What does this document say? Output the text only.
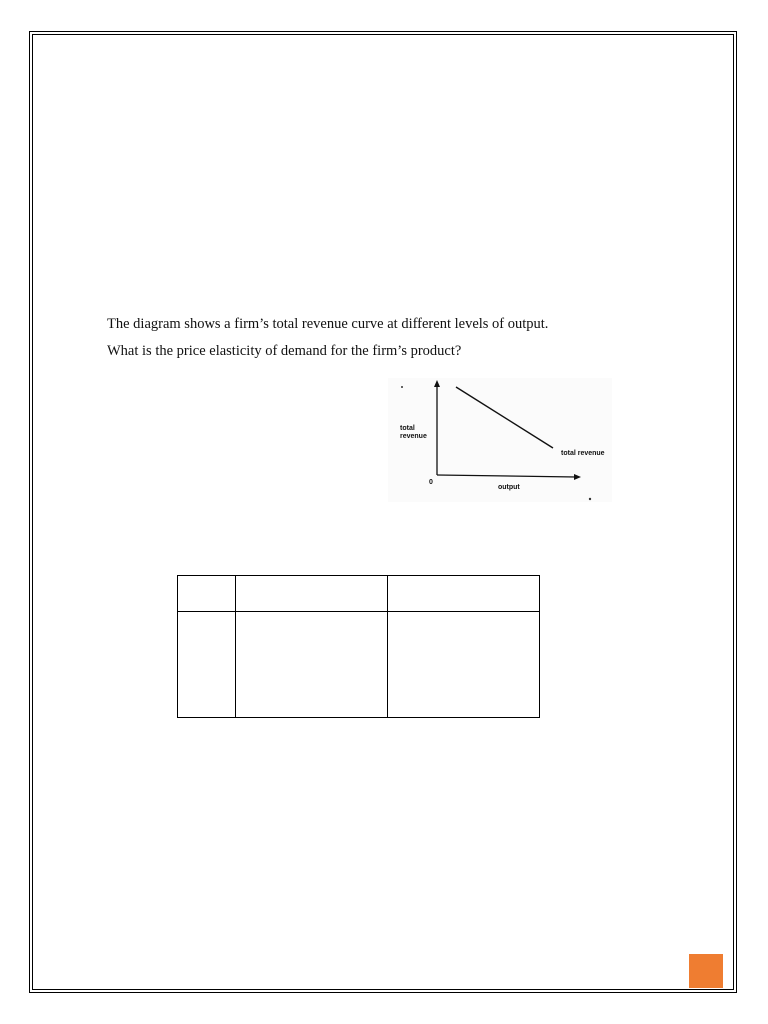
The diagram shows a firm’s total revenue curve at different levels of output.
What is the price elasticity of demand for the firm’s product?
total
revenue
0
output
total revenue
